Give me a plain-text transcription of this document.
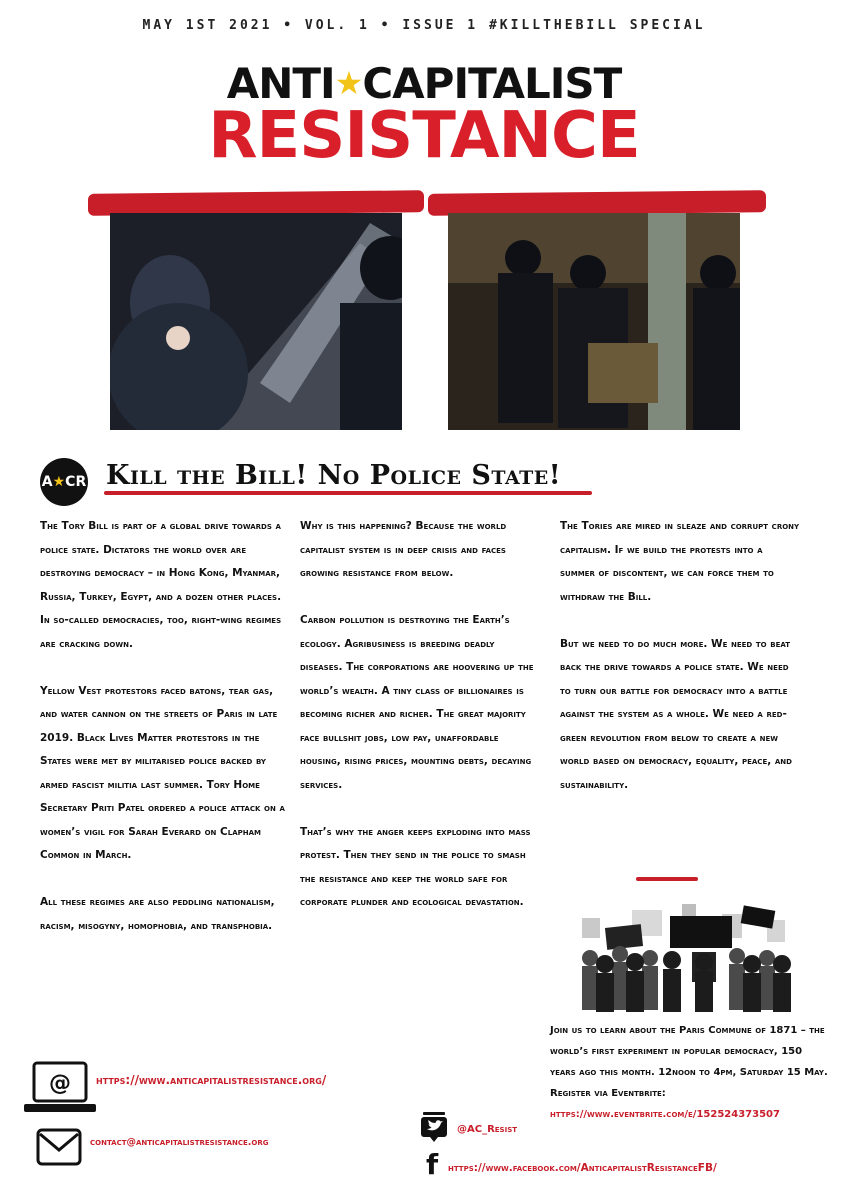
MAY 1ST 2021 • VOL. 1 • ISSUE 1 #KILLTHEBILL SPECIAL
ANTI★CAPITALIST
RESISTANCE
A★CR Kill the Bill! No Police State!

The Tory Bill is part of a global drive towards a police state. Dictators the world over are destroying democracy – in Hong Kong, Myanmar, Russia, Turkey, Egypt, and a dozen other places. In so-called democracies, too, right-wing regimes are cracking down.

Yellow Vest protestors faced batons, tear gas, and water cannon on the streets of Paris in late 2019. Black Lives Matter protestors in the States were met by militarised police backed by armed fascist militia last summer. Tory Home Secretary Priti Patel ordered a police attack on a women’s vigil for Sarah Everard on Clapham Common in March.

All these regimes are also peddling nationalism, racism, misogyny, homophobia, and transphobia.

Why is this happening? Because the world capitalist system is in deep crisis and faces growing resistance from below.

Carbon pollution is destroying the Earth’s ecology. Agribusiness is breeding deadly diseases. The corporations are hoovering up the world’s wealth. A tiny class of billionaires is becoming richer and richer. The great majority face bullshit jobs, low pay, unaffordable housing, rising prices, mounting debts, decaying services.

That’s why the anger keeps exploding into mass protest. Then they send in the police to smash the resistance and keep the world safe for corporate plunder and ecological devastation.

The Tories are mired in sleaze and corrupt crony capitalism. If we build the protests into a summer of discontent, we can force them to withdraw the Bill.

But we need to do much more. We need to beat back the drive towards a police state. We need to turn our battle for democracy into a battle against the system as a whole. We need a red-green revolution from below to create a new world based on democracy, equality, peace, and sustainability.

Join us to learn about the Paris Commune of 1871 – the world’s first experiment in popular democracy, 150 years ago this month. 12noon to 4pm, Saturday 15 May. Register via Eventbrite:
https://www.eventbrite.com/e/152524373507
@ https://www.anticapitalistresistance.org/
contact@anticapitalistresistance.org
@AC_Resist
f https://www.facebook.com/AnticapitalistResistanceFB/
